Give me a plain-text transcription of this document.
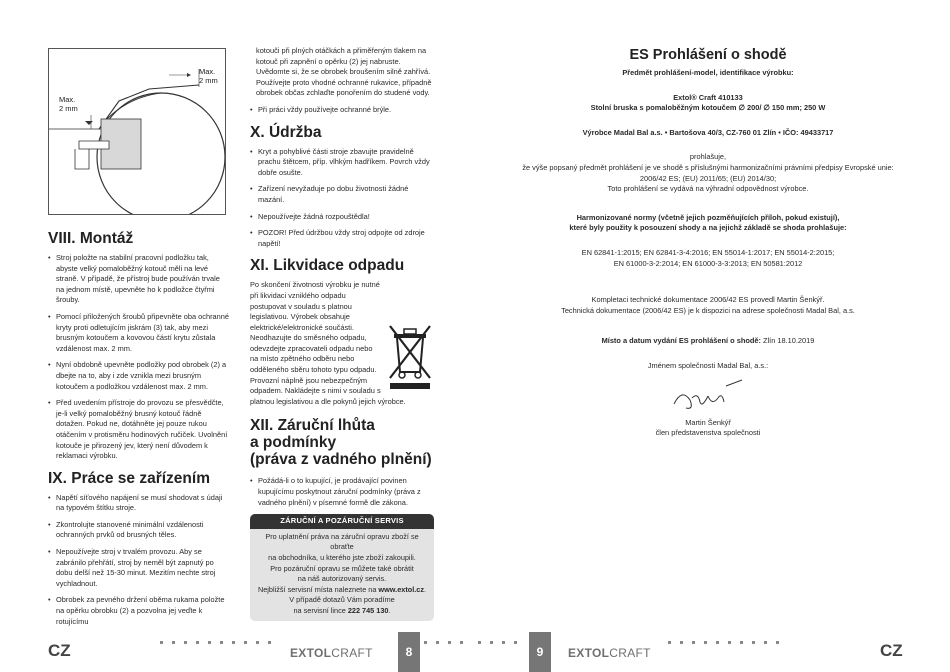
Max.
2 mm
Max.
2 mm
VIII. Montáž
• Stroj položte na stabilní pracovní podložku tak, abyste velký pomaloběžný kotouč měli na levé straně. V případě, že přístroj bude používán trvale na jednom místě, upevněte ho k podložce čtyřmi šrouby.
• Pomocí přiložených šroubů připevněte oba ochranné kryty proti odletujícím jiskrám (3) tak, aby mezi brusným kotoučem a kovovou částí krytu zůstala vzdálenost max. 2 mm.
• Nyní obdobně upevněte podložky pod obrobek (2) a dbejte na to, aby i zde vznikla mezi brusným kotoučem a podložkou vzdálenost max. 2 mm.
• Před uvedením přístroje do provozu se přesvědčte, je-li velký pomaloběžný brusný kotouč řádně dotažen. Pokud ne, dotáhněte jej pouze rukou otáčením v protisměru hodinových ručiček. Uvolnění kotouče je přirozený jev, který není důvodem k reklamaci výrobku.
IX. Práce se zařízením
• Napětí síťového napájení se musí shodovat s údaji na typovém štítku stroje.
• Zkontrolujte stanovené minimální vzdálenosti ochranných prvků od brusných těles.
• Nepoužívejte stroj v trvalém provozu. Aby se zabránilo přehřátí, stroj by neměl být zapnutý po dobu delší než 15-30 minut. Mezitím nechte stroj vychladnout.
• Obrobek za pevného držení oběma rukama položte na opěrku obrobku (2) a pozvolna jej veďte k rotujícímu
kotouči při plných otáčkách a přiměřeným tlakem na kotouč při zapnění o opěrku (2) jej nabruste. Uvědomte si, že se obrobek broušením silně zahřívá. Používejte proto vhodné ochranné rukavice, případně obrobek občas zchlaďte ponořením do studené vody.
• Při práci vždy používejte ochranné brýle.
X. Údržba
• Kryt a pohyblivé části stroje zbavujte pravidelně prachu štětcem, příp. vlhkým hadříkem. Povrch vždy dobře osušte.
• Zařízení nevyžaduje po dobu životnosti žádné mazání.
• Nepoužívejte žádná rozpouštědla!
• POZOR! Před údržbou vždy stroj odpojte od zdroje napětí!
XI. Likvidace odpadu
Po skončení životnosti výrobku je nutné při likvidaci vzniklého odpadu postupovat v souladu s platnou legislativou. Výrobek obsahuje elektrické/elektronické součásti. Neodhazujte do směsného odpadu, odevzdejte zpracovateli odpadu nebo na místo zpětného odběru nebo odděleného sběru tohoto typu odpadu. Provozní náplně jsou nebezpečným odpadem. Nakládejte s nimi v souladu s platnou legislativou a dle pokynů jejich výrobce.
XII. Záruční lhůta
a podmínky
(práva z vadného plnění)
• Požádá-li o to kupující, je prodávající povinen kupujícímu poskytnout záruční podmínky (práva z vadného plnění) v písemné formě dle zákona.
ZÁRUČNÍ A POZÁRUČNÍ SERVIS
Pro uplatnění práva na záruční opravu zboží se obraťte
na obchodníka, u kterého jste zboží zakoupili.
Pro pozáruční opravu se můžete také obrátit
na náš autorizovaný servis.
Nejbližší servisní místa naleznete na www.extol.cz.
V případě dotazů Vám poradíme
na servisní lince 222 745 130.
CZ	EXTOLCRAFT	8

ES Prohlášení o shodě

Předmět prohlášení-model, identifikace výrobku:

Extol® Craft 410133

Stolní bruska s pomaloběžným kotoučem ∅ 200/ ∅ 150 mm; 250 W

Výrobce Madal Bal a.s. • Bartošova 40/3, CZ-760 01 Zlín • IČO: 49433717

prohlašuje,

že výše popsaný předmět prohlášení je ve shodě s příslušnými harmonizačními právními předpisy Evropské unie:

2006/42 ES; (EU) 2011/65; (EU) 2014/30;

Toto prohlášení se vydává na výhradní odpovědnost výrobce.

Harmonizované normy (včetně jejich pozměňujících příloh, pokud existují),

které byly použity k posouzení shody a na jejichž základě se shoda prohlašuje:

EN 62841-1:2015; EN 62841-3-4:2016; EN 55014-1:2017; EN 55014-2:2015;

EN 61000-3-2:2014; EN 61000-3-3:2013; EN 50581:2012

Kompletaci technické dokumentace 2006/42 ES provedl Martin Šenkýř.

Technická dokumentace (2006/42 ES) je k dispozici na adrese společnosti Madal Bal, a.s.

Místo a datum vydání ES prohlášení o shodě: Zlín 18.10.2019

Jménem společnosti Madal Bal, a.s.:

Martin Šenkýř

člen představenstva společnosti

9	EXTOLCRAFT	CZ
